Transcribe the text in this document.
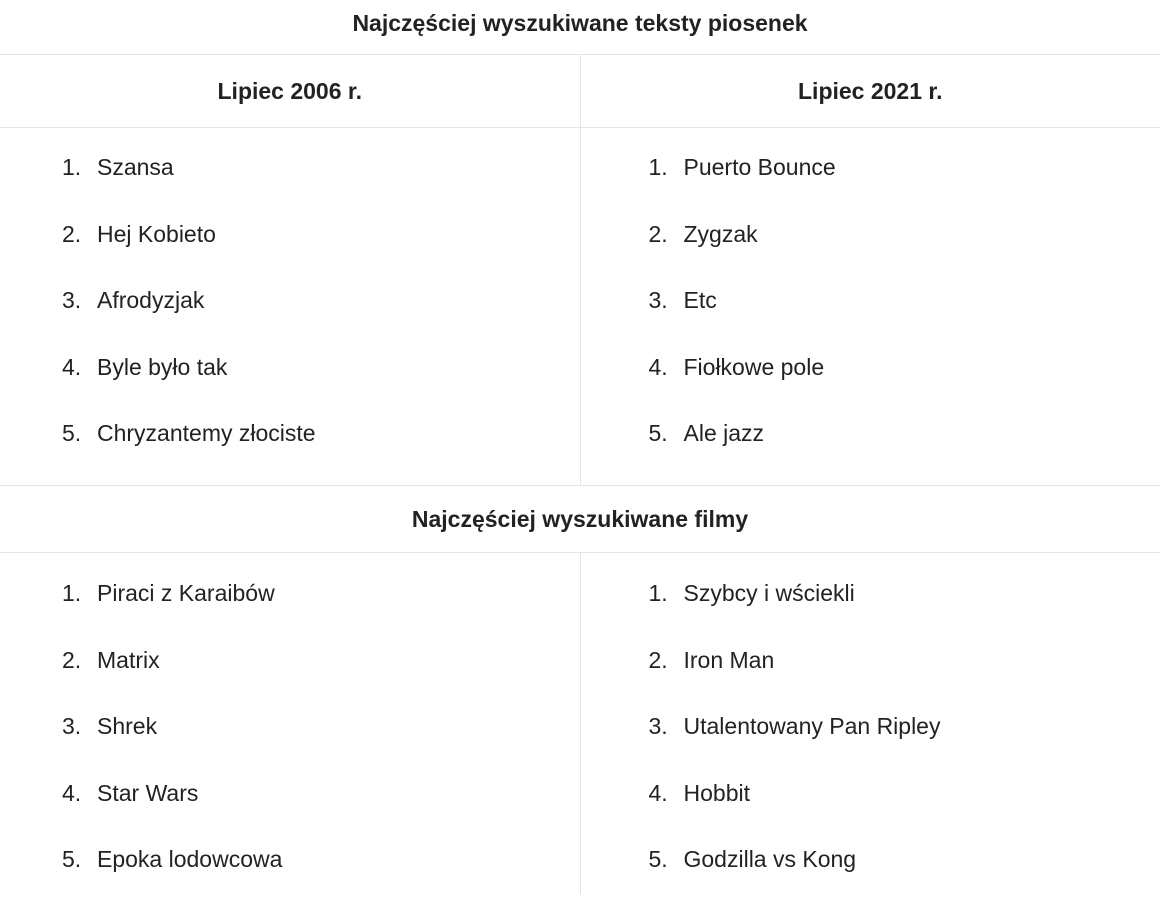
Najczęściej wyszukiwane teksty piosenek
Lipiec 2006 r.	Lipiec 2021 r.
1. Szansa
2. Hej Kobieto
3. Afrodyzjak
4. Byle było tak
5. Chryzantemy złociste
1. Puerto Bounce
2. Zygzak
3. Etc
4. Fiołkowe pole
5. Ale jazz
Najczęściej wyszukiwane filmy
1. Piraci z Karaibów
2. Matrix
3. Shrek
4. Star Wars
5. Epoka lodowcowa
1. Szybcy i wściekli
2. Iron Man
3. Utalentowany Pan Ripley
4. Hobbit
5. Godzilla vs Kong
